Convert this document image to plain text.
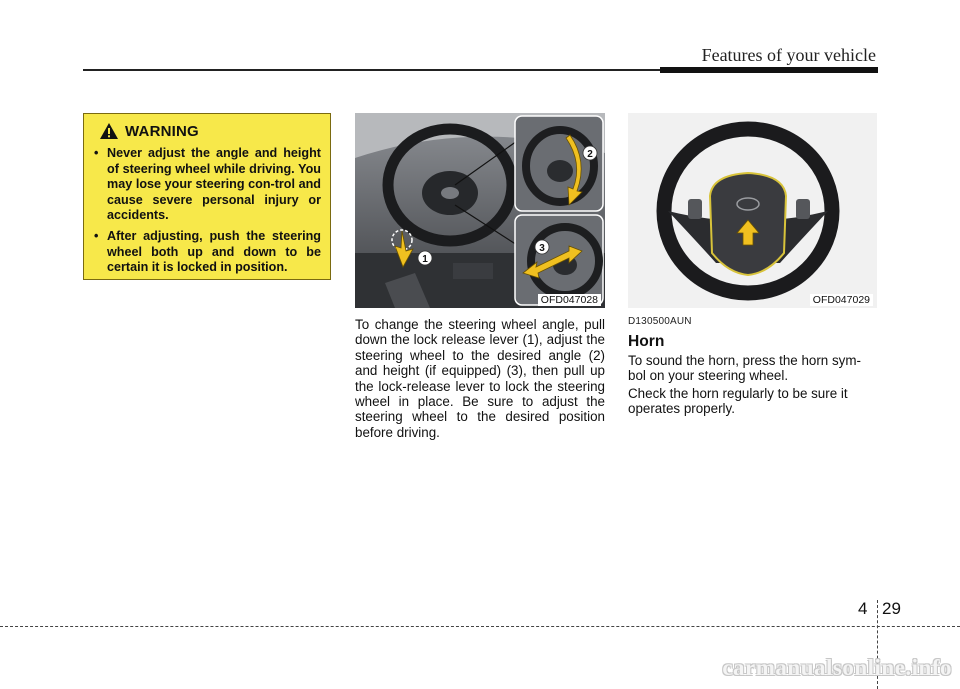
Features of your vehicle
WARNING
• Never adjust the angle and height of steering wheel while driving. You may lose your steering con-trol and cause severe personal injury or accidents.
• After adjusting, push the steering wheel both up and down to be certain it is locked in position.
1
2
3
OFD047028	OFD047029
To change the steering wheel angle, pull down the lock release lever (1), adjust the steering wheel to the desired angle (2) and height (if equipped) (3), then pull up the lock-release lever to lock the steering wheel in place. Be sure to adjust the steering wheel to the desired position before driving.
D130500AUN
Horn

To sound the horn, press the horn sym-bol on your steering wheel.

Check the horn regularly to be sure it operates properly.

4 29
carmanualsonline.info
